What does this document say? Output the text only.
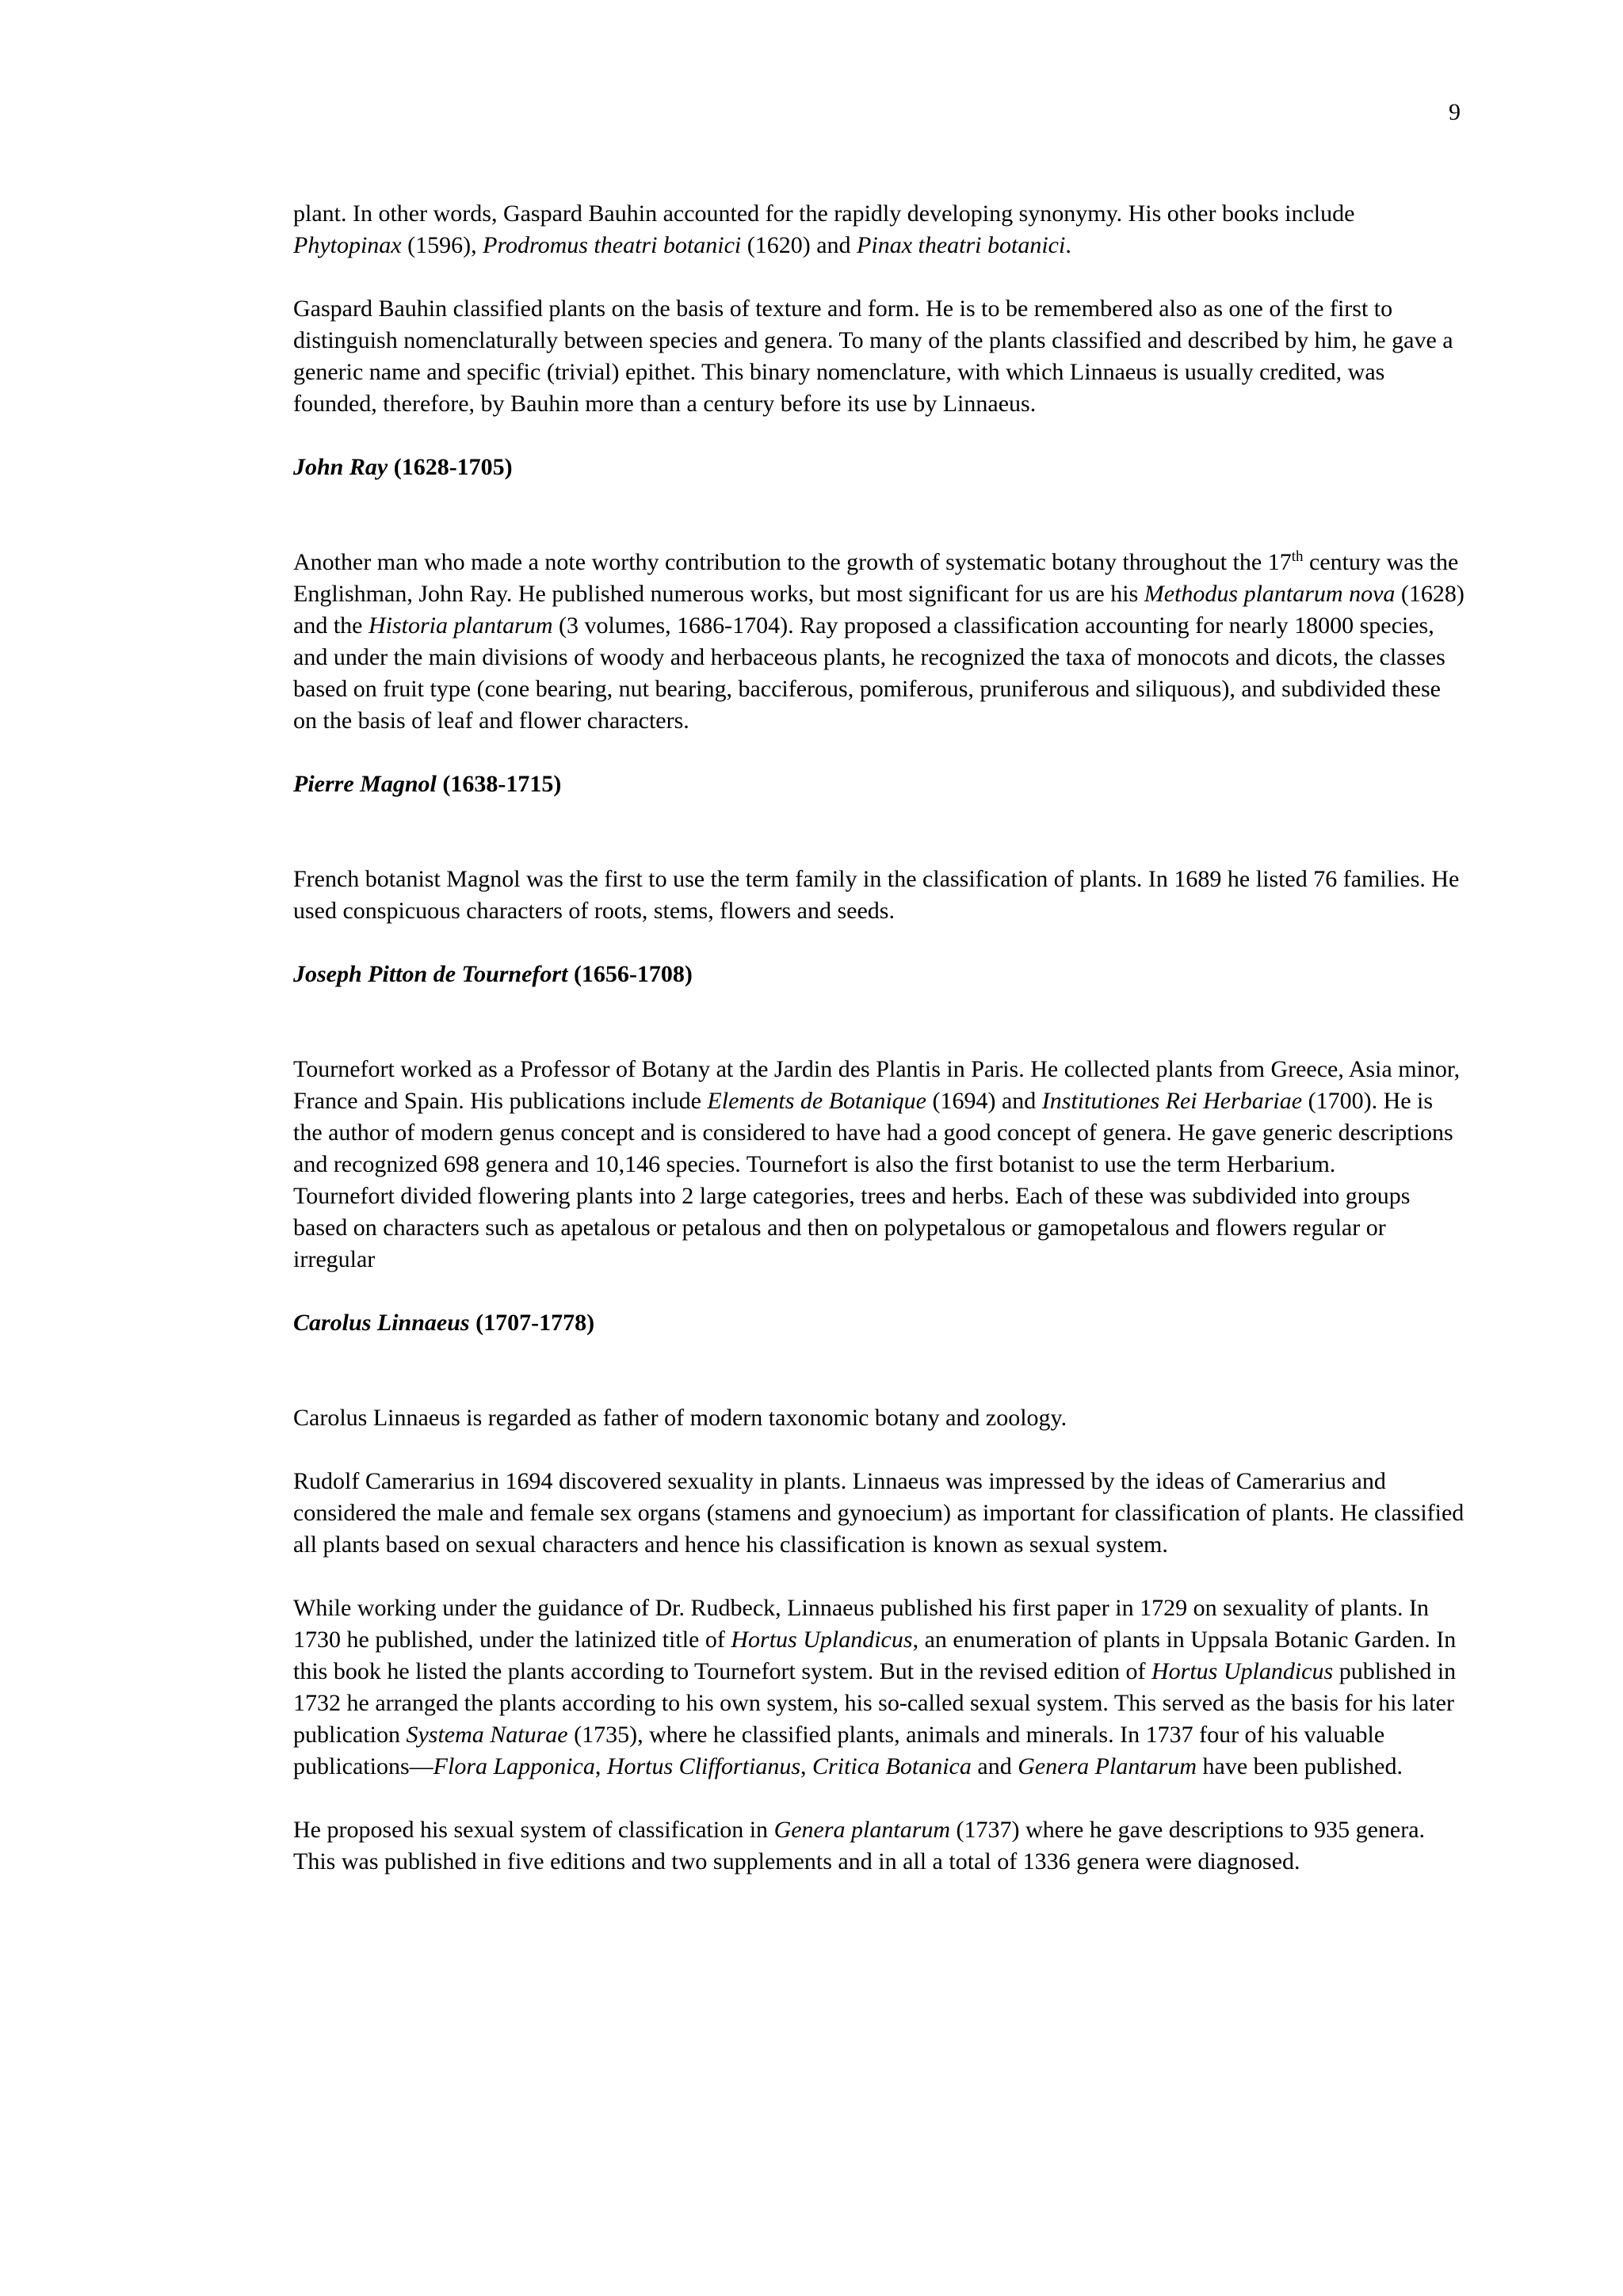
9

plant. In other words, Gaspard Bauhin accounted for the rapidly developing synonymy. His other books include Phytopinax (1596), Prodromus theatri botanici (1620) and Pinax theatri botanici.

Gaspard Bauhin classified plants on the basis of texture and form. He is to be remembered also as one of the first to distinguish nomenclaturally between species and genera. To many of the plants classified and described by him, he gave a generic name and specific (trivial) epithet. This binary nomenclature, with which Linnaeus is usually credited, was founded, therefore, by Bauhin more than a century before its use by Linnaeus.

John Ray (1628-1705)

Another man who made a note worthy contribution to the growth of systematic botany throughout the 17th century was the Englishman, John Ray. He published numerous works, but most significant for us are his Methodus plantarum nova (1628) and the Historia plantarum (3 volumes, 1686-1704). Ray proposed a classification accounting for nearly 18000 species, and under the main divisions of woody and herbaceous plants, he recognized the taxa of monocots and dicots, the classes based on fruit type (cone bearing, nut bearing, bacciferous, pomiferous, pruniferous and siliquous), and subdivided these on the basis of leaf and flower characters.

Pierre Magnol (1638-1715)

French botanist Magnol was the first to use the term family in the classification of plants. In 1689 he listed 76 families. He used conspicuous characters of roots, stems, flowers and seeds.

Joseph Pitton de Tournefort (1656-1708)

Tournefort worked as a Professor of Botany at the Jardin des Plantis in Paris. He collected plants from Greece, Asia minor, France and Spain. His publications include Elements de Botanique (1694) and Institutiones Rei Herbariae (1700). He is the author of modern genus concept and is considered to have had a good concept of genera. He gave generic descriptions and recognized 698 genera and 10,146 species. Tournefort is also the first botanist to use the term Herbarium.Tournefort divided flowering plants into 2 large categories, trees and herbs. Each of these was subdivided into groups based on characters such as apetalous or petalous and then on polypetalous or gamopetalous and flowers regular or irregular

Carolus Linnaeus (1707-1778)

Carolus Linnaeus is regarded as father of modern taxonomic botany and zoology.

Rudolf Camerarius in 1694 discovered sexuality in plants. Linnaeus was impressed by the ideas of Camerarius and considered the male and female sex organs (stamens and gynoecium) as important for classification of plants. He classified all plants based on sexual characters and hence his classification is known as sexual system.

While working under the guidance of Dr. Rudbeck, Linnaeus published his first paper in 1729 on sexuality of plants. In 1730 he published, under the latinized title of Hortus Uplandicus, an enumeration of plants in Uppsala Botanic Garden. In this book he listed the plants according to Tournefort system. But in the revised edition of Hortus Uplandicus published in 1732 he arranged the plants according to his own system, his so-called sexual system. This served as the basis for his later publication Systema Naturae (1735), where he classified plants, animals and minerals. In 1737 four of his valuable publications—Flora Lapponica, Hortus Cliffortianus, Critica Botanica and Genera Plantarum have been published.

He proposed his sexual system of classification in Genera plantarum (1737) where he gave descriptions to 935 genera. This was published in five editions and two supplements and in all a total of 1336 genera were diagnosed.
